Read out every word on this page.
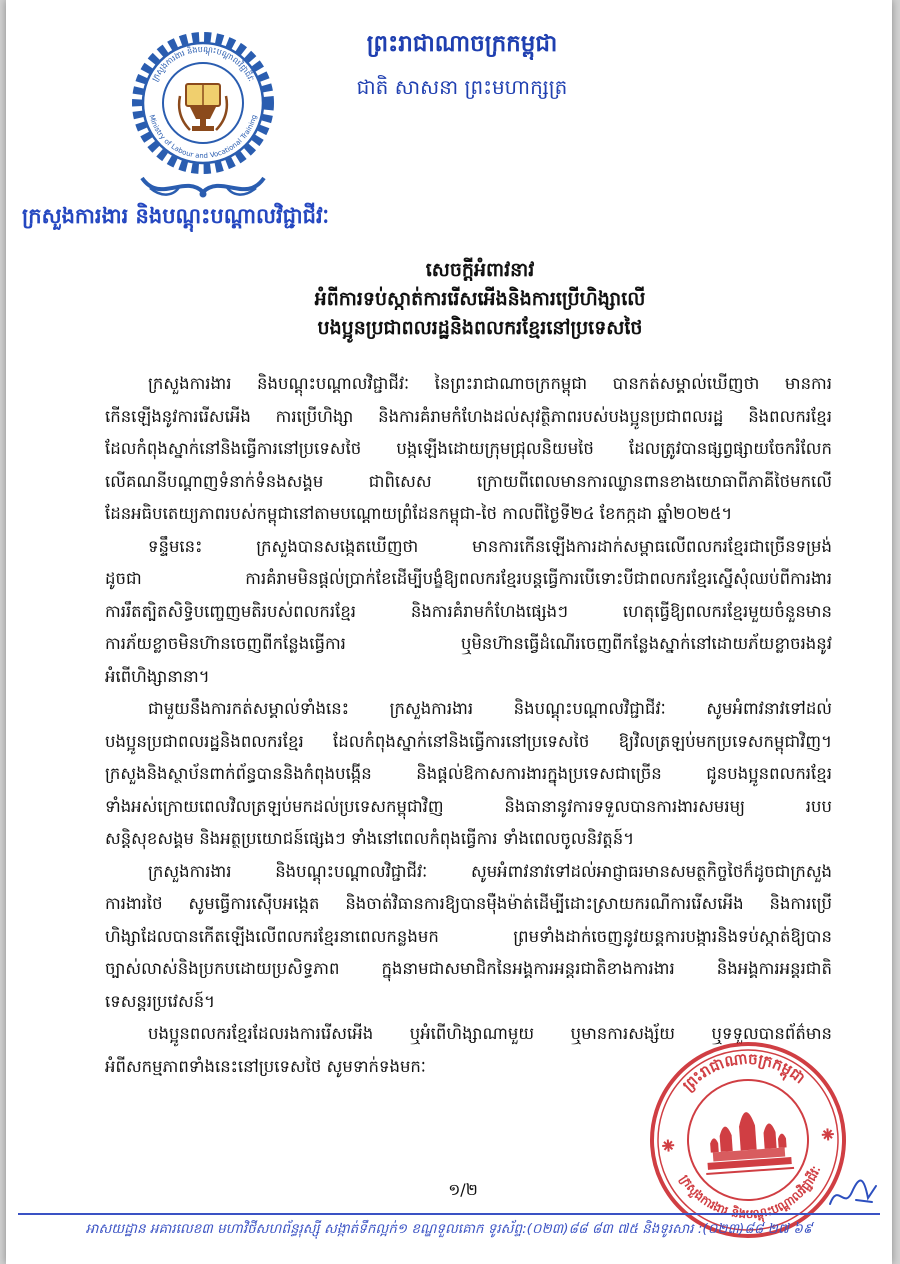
ព្រះរាជាណាចក្រកម្ពុជា
ជាតិ សាសនា ព្រះមហាក្សត្រ
ក្រសួងការងារ និងបណ្តុះបណ្តាលវិជ្ជាជីវៈ
Ministry of Labour and Vocational Training
ក្រសួងការងារ និងបណ្តុះបណ្តាលវិជ្ជាជីវៈ
សេចក្តីអំពាវនាវ
អំពីការទប់ស្កាត់ការរើសអើងនិងការប្រើហិង្សាលើ
បងប្អូនប្រជាពលរដ្ឋនិងពលករខ្មែរនៅប្រទេសថៃ
ក្រសួងការងារ និងបណ្តុះបណ្តាលវិជ្ជាជីវៈ នៃព្រះរាជាណាចក្រកម្ពុជា បានកត់សម្គាល់ឃើញថា មានការ
កើនឡើងនូវការរើសអើង ការប្រើហិង្សា និងការគំរាមកំហែងដល់សុវត្ថិភាពរបស់បងប្អូនប្រជាពលរដ្ឋ និងពលករខ្មែរ
ដែលកំពុងស្នាក់នៅនិងធ្វើការនៅប្រទេសថៃ បង្កឡើងដោយក្រុមជ្រុលនិយមថៃ ដែលត្រូវបានផ្សព្វផ្សាយចែករំលែក
លើគណនីបណ្តាញទំនាក់ទំនងសង្គម ជាពិសេស ក្រោយពីពេលមានការឈ្លានពានខាងយោធាពីភាគីថៃមកលើ
ដែនអធិបតេយ្យភាពរបស់កម្ពុជានៅតាមបណ្តោយព្រំដែនកម្ពុជា-ថៃ កាលពីថ្ងៃទី២៤ ខែកក្កដា ឆ្នាំ២០២៥។
ទន្ទឹមនេះ ក្រសួងបានសង្កេតឃើញថា មានការកើនឡើងការដាក់សម្ពាធលើពលករខ្មែរជាច្រើនទម្រង់
ដូចជា ការគំរាមមិនផ្តល់ប្រាក់ខែដើម្បីបង្ខំឱ្យពលករខ្មែរបន្តធ្វើការបើទោះបីជាពលករខ្មែរស្នើសុំឈប់ពីការងារ
ការរឹតត្បិតសិទ្ធិបញ្ចេញមតិរបស់ពលករខ្មែរ និងការគំរាមកំហែងផ្សេងៗ ហេតុធ្វើឱ្យពលករខ្មែរមួយចំនួនមាន
ការភ័យខ្លាចមិនហ៊ានចេញពីកន្លែងធ្វើការ ឬមិនហ៊ានធ្វើដំណើរចេញពីកន្លែងស្នាក់នៅដោយភ័យខ្លាចរងនូវ
អំពើហិង្សានានា។
ជាមួយនឹងការកត់សម្គាល់ទាំងនេះ ក្រសួងការងារ និងបណ្តុះបណ្តាលវិជ្ជាជីវៈ សូមអំពាវនាវទៅដល់
បងប្អូនប្រជាពលរដ្ឋនិងពលករខ្មែរ ដែលកំពុងស្នាក់នៅនិងធ្វើការនៅប្រទេសថៃ ឱ្យវិលត្រឡប់មកប្រទេសកម្ពុជាវិញ។
ក្រសួងនិងស្ថាប័នពាក់ព័ន្ធបាននិងកំពុងបង្កើន និងផ្តល់ឱកាសការងារក្នុងប្រទេសជាច្រើន ជូនបងប្អូនពលករខ្មែរ
ទាំងអស់ក្រោយពេលវិលត្រឡប់មកដល់ប្រទេសកម្ពុជាវិញ និងធានានូវការទទួលបានការងារសមរម្យ របប
សន្តិសុខសង្គម និងអត្ថប្រយោជន៍ផ្សេងៗ ទាំងនៅពេលកំពុងធ្វើការ ទាំងពេលចូលនិវត្តន៍។
ក្រសួងការងារ និងបណ្តុះបណ្តាលវិជ្ជាជីវៈ សូមអំពាវនាវទៅដល់អាជ្ញាធរមានសមត្ថកិច្ចថៃក៏ដូចជាក្រសួង
ការងារថៃ សូមធ្វើការស៊ើបអង្កេត និងចាត់វិធានការឱ្យបានម៉ឺងម៉ាត់ដើម្បីដោះស្រាយករណីការរើសអើង និងការប្រើ
ហិង្សាដែលបានកើតឡើងលើពលករខ្មែរនាពេលកន្លងមក ព្រមទាំងដាក់ចេញនូវយន្តការបង្ការនិងទប់ស្កាត់ឱ្យបាន
ច្បាស់លាស់និងប្រកបដោយប្រសិទ្ធភាព ក្នុងនាមជាសមាជិកនៃអង្គការអន្តរជាតិខាងការងារ និងអង្គការអន្តរជាតិ
ទេសន្តរប្រវេសន៍។
បងប្អូនពលករខ្មែរដែលរងការរើសអើង ឬអំពើហិង្សាណាមួយ ឬមានការសង្ស័យ ឬទទួលបានព័ត៌មាន
អំពីសកម្មភាពទាំងនេះនៅប្រទេសថៃ សូមទាក់ទងមកៈ
១/២
ព្រះរាជាណាចក្រកម្ពុជា
ក្រសួងការងារ និងបណ្តុះបណ្តាលវិជ្ជាជីវៈ
អាសយដ្ឋាន អគារលេខ៣ មហាវិថីសហព័ន្ធរុស្ស៊ី សង្កាត់ទឹកល្អក់១ ខណ្ឌទួលគោក ទូរស័ព្ទ:(០២៣)៨៨ ៨៣ ៧៥ និងទូរសារ :(០២៣)៨៨ ២៧ ៦៩
